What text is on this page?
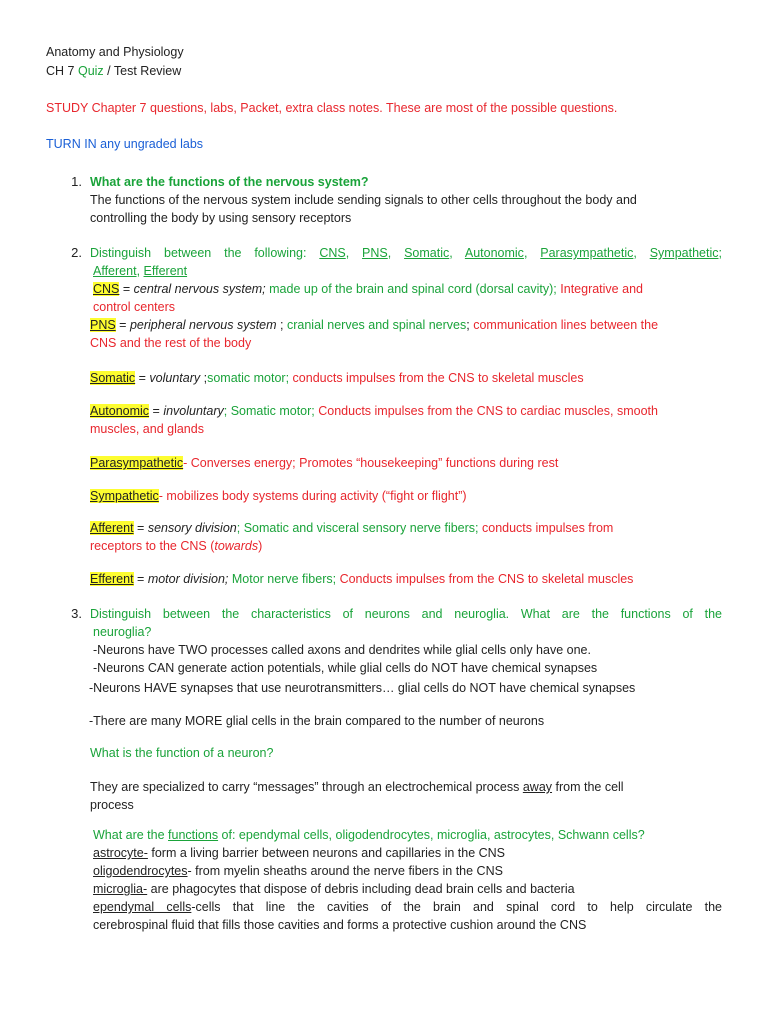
Anatomy and Physiology
CH 7 Quiz / Test Review
STUDY Chapter 7 questions, labs, Packet, extra class notes. These are most of the possible questions.
TURN IN any ungraded labs
1. What are the functions of the nervous system?
The functions of the nervous system include sending signals to other cells throughout the body and
controlling the body by using sensory receptors
2. Distinguish between the following: CNS, PNS, Somatic, Autonomic, Parasympathetic, Sympathetic;
Afferent, Efferent
CNS = central nervous system; made up of the brain and spinal cord (dorsal cavity); Integrative and
control centers
PNS = peripheral nervous system ; cranial nerves and spinal nerves; communication lines between the
CNS and the rest of the body
Somatic = voluntary ;somatic motor; conducts impulses from the CNS to skeletal muscles
Autonomic = involuntary; Somatic motor; Conducts impulses from the CNS to cardiac muscles, smooth
muscles, and glands
Parasympathetic- Converses energy; Promotes “housekeeping” functions during rest
Sympathetic- mobilizes body systems during activity (“fight or flight”)
Afferent = sensory division; Somatic and visceral sensory nerve fibers; conducts impulses from
receptors to the CNS (towards)
Efferent = motor division; Motor nerve fibers; Conducts impulses from the CNS to skeletal muscles
3. Distinguish between the characteristics of neurons and neuroglia. What are the functions of the
neuroglia?
-Neurons have TWO processes called axons and dendrites while glial cells only have one.
-Neurons CAN generate action potentials, while glial cells do NOT have chemical synapses
-Neurons HAVE synapses that use neurotransmitters… glial cells do NOT have chemical synapses
-There are many MORE glial cells in the brain compared to the number of neurons
What is the function of a neuron?
They are specialized to carry “messages” through an electrochemical process away from the cell
process
What are the functions of: ependymal cells, oligodendrocytes, microglia, astrocytes, Schwann cells?
astrocyte- form a living barrier between neurons and capillaries in the CNS
oligodendrocytes- from myelin sheaths around the nerve fibers in the CNS
microglia- are phagocytes that dispose of debris including dead brain cells and bacteria
ependymal cells-cells that line the cavities of the brain and spinal cord to help circulate the
cerebrospinal fluid that fills those cavities and forms a protective cushion around the CNS
